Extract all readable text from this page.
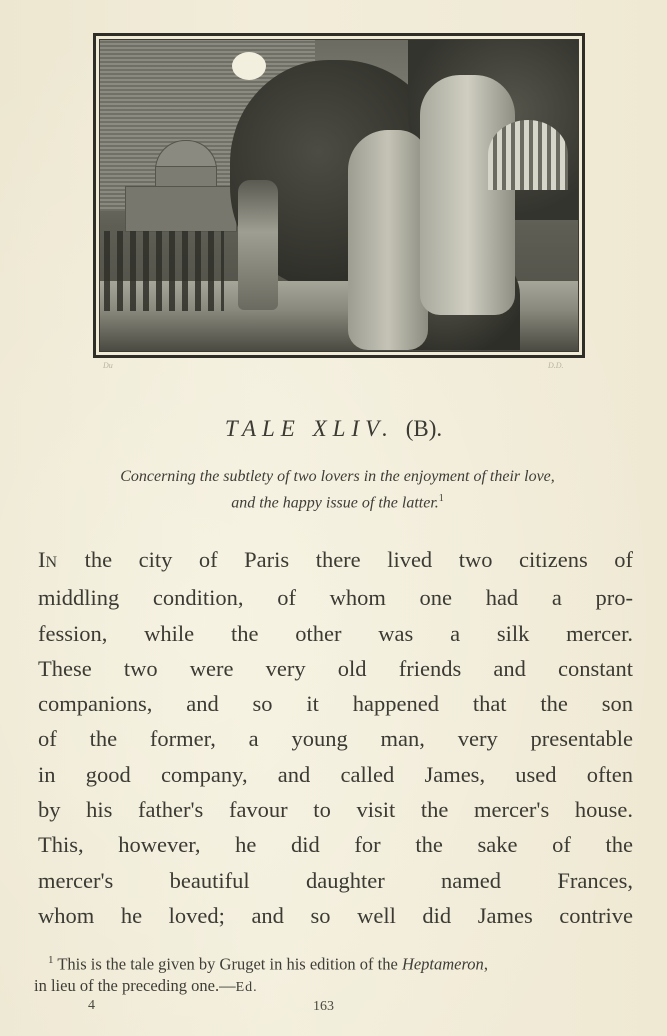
Du	D.D.
TALE XLIV. (B).
Concerning the subtlety of two lovers in the enjoyment of their love,
and the happy issue of the latter.$^1$
IN the city of Paris there lived two citizens of
middling condition, of whom one had a pro-
fession, while the other was a silk mercer.
These two were very old friends and constant
companions, and so it happened that the son
of the former, a young man, very presentable
in good company, and called James, used often
by his father's favour to visit the mercer's house.
This, however, he did for the sake of the
mercer's beautiful daughter named Frances,
whom he loved; and so well did James contrive
$^1$ This is the tale given by Gruget in his edition of the Heptameron,
in lieu of the preceding one.—Ed.
4	163
